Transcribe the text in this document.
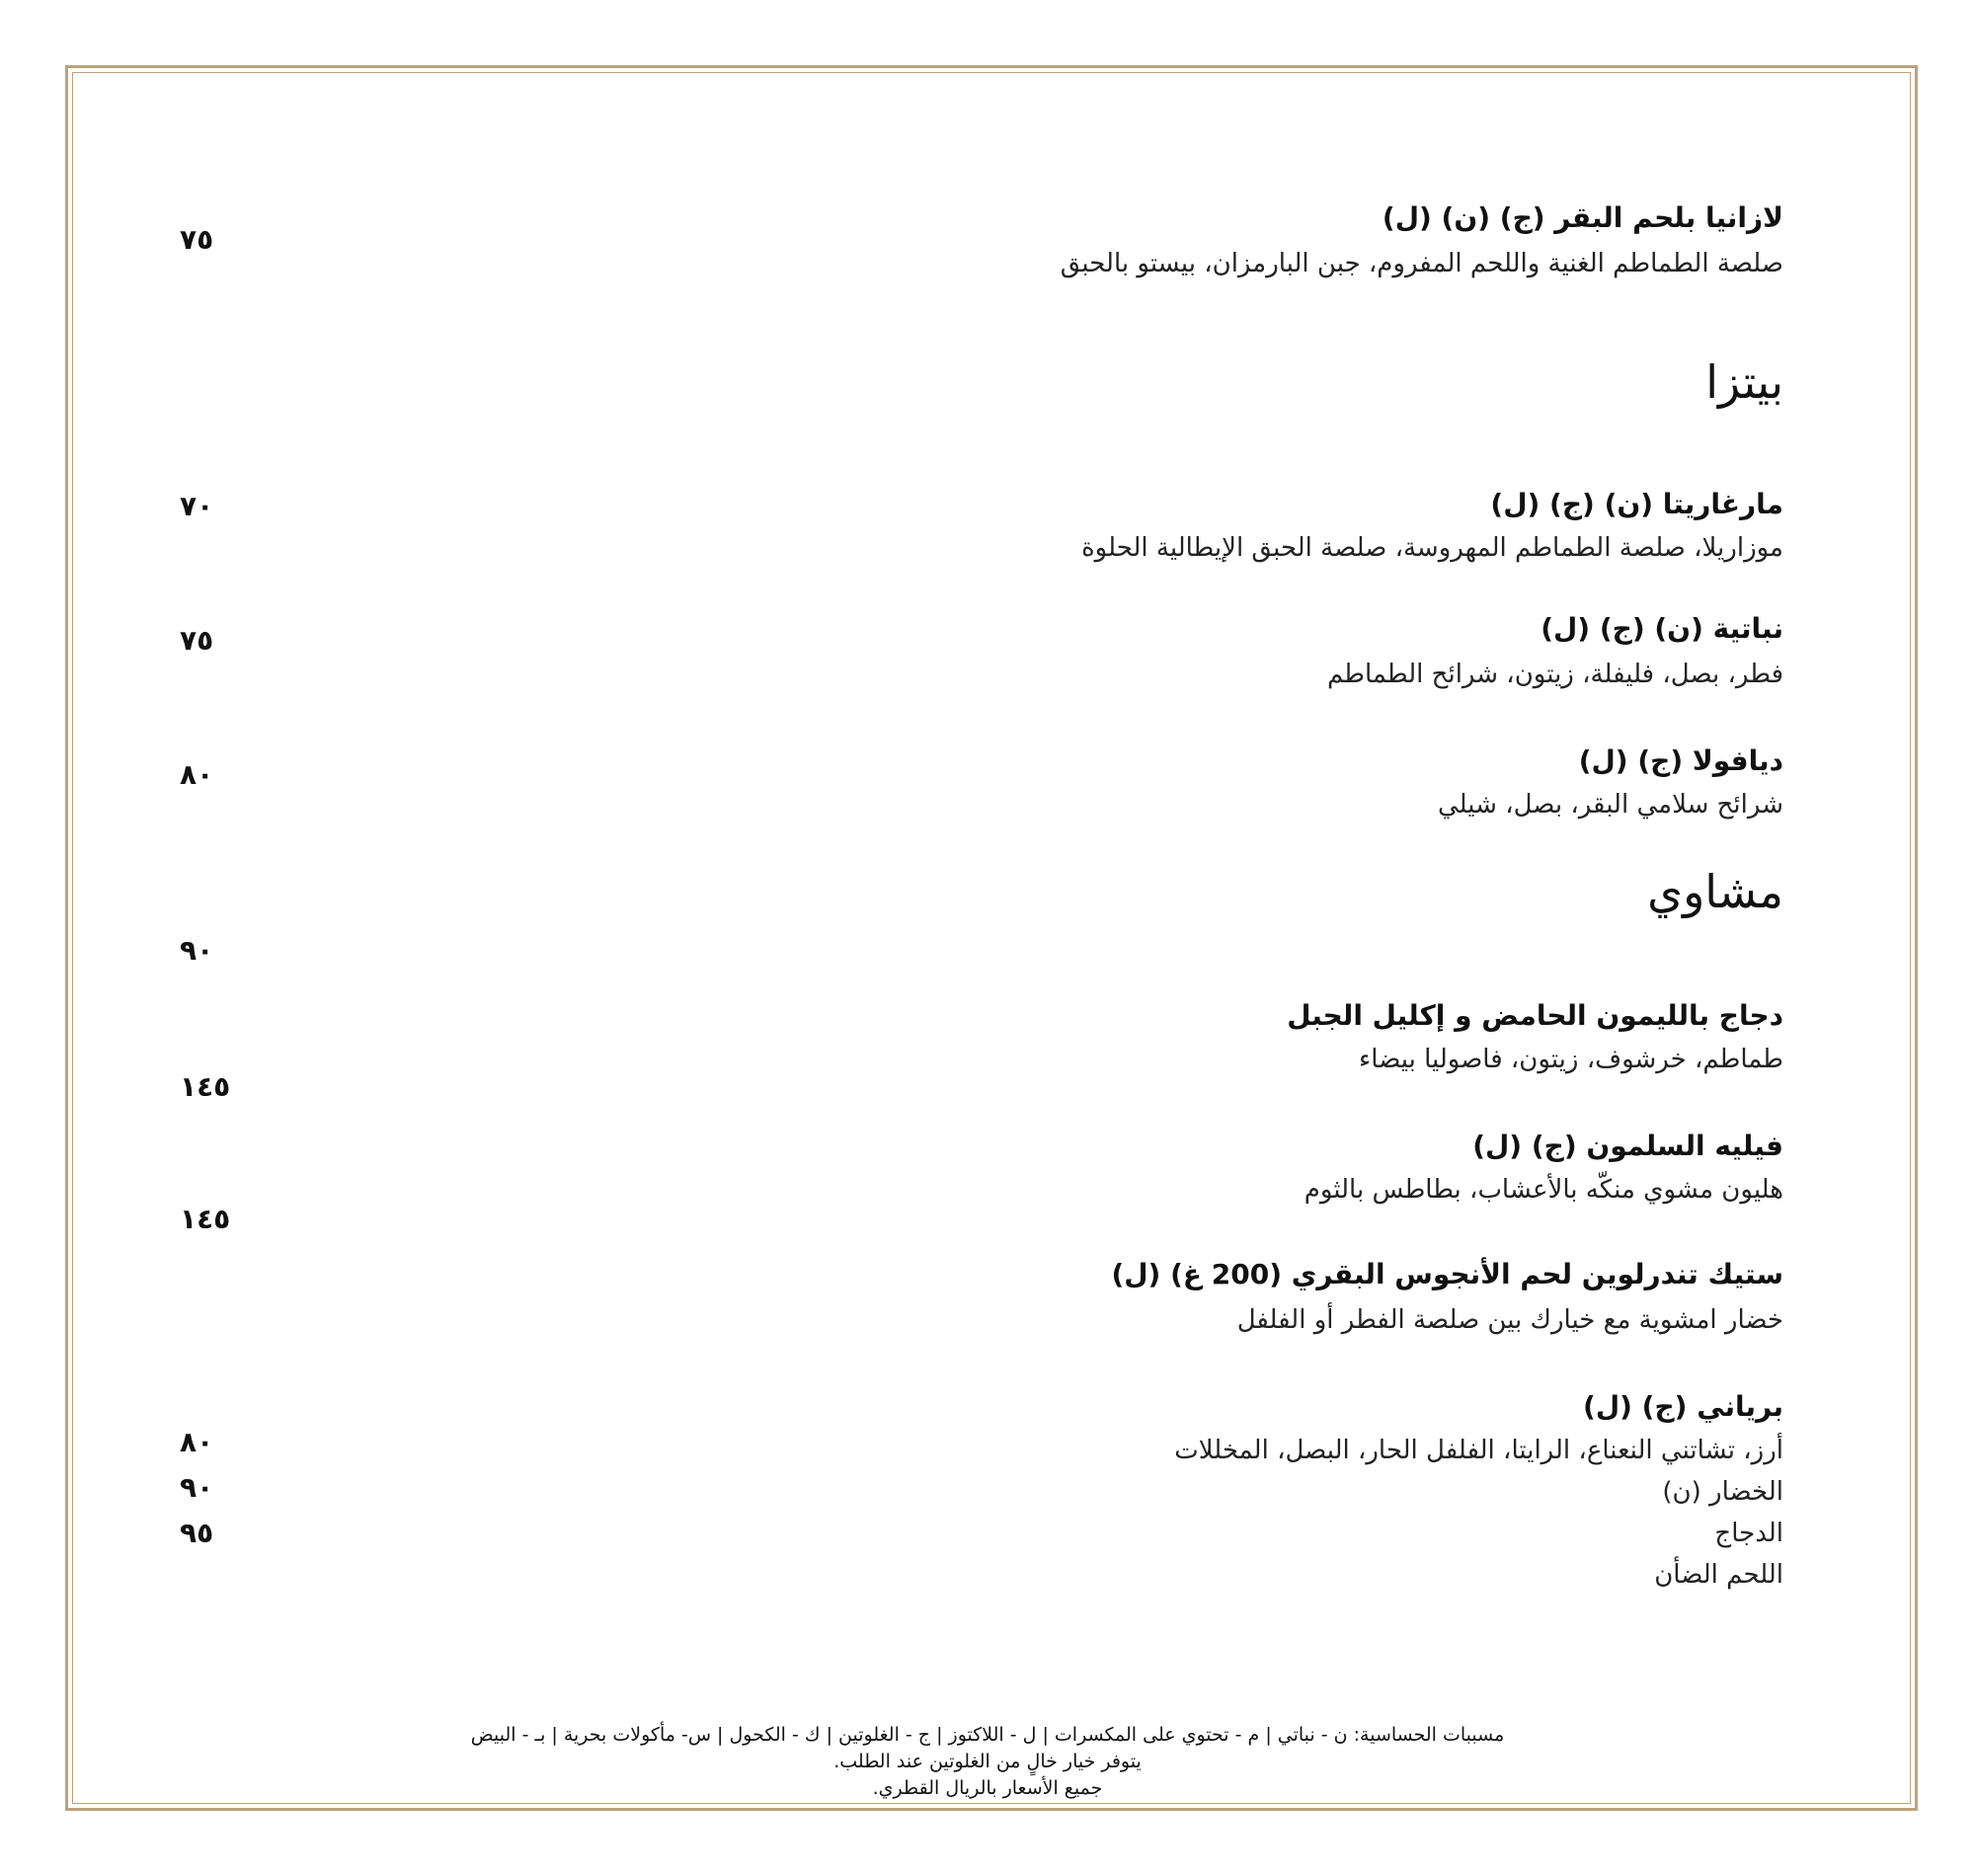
لازانيا بلحم البقر (ج) (ن) (ل)
صلصة الطماطم الغنية واللحم المفروم، جبن البارمزان، بيستو بالحبق
٧٥
بيتزا
مارغاريتا (ن) (ج) (ل)
موزاريلا، صلصة الطماطم المهروسة، صلصة الحبق الإيطالية الحلوة
٧٠
نباتية (ن) (ج) (ل)
فطر، بصل، فليفلة، زيتون، شرائح الطماطم
٧٥
ديافولا (ج) (ل)
شرائح سلامي البقر، بصل، شيلي
٨٠
مشاوي
٩٠
دجاج بالليمون الحامض و إكليل الجبل
طماطم، خرشوف، زيتون، فاصوليا بيضاء
١٤٥
فيليه السلمون (ج) (ل)
هليون مشوي منكّه بالأعشاب، بطاطس بالثوم
١٤٥
ستيك تندرلوين لحم الأنجوس البقري (200 غ) (ل)
خضار امشوية مع خيارك بين صلصة الفطر أو الفلفل
برياني (ج) (ل)
أرز، تشاتني النعناع، الرايتا، الفلفل الحار، البصل، المخللات
الخضار (ن)
الدجاج
اللحم الضأن
٨٠
٩٠
٩٥
مسببات الحساسية: ن - نباتي | م - تحتوي على المكسرات | ل - اللاكتوز | ج - الغلوتين | ك - الكحول | س- مأكولات بحرية | بـ - البيض
يتوفر خيار خالٍ من الغلوتين عند الطلب.
جميع الأسعار بالريال القطري.
